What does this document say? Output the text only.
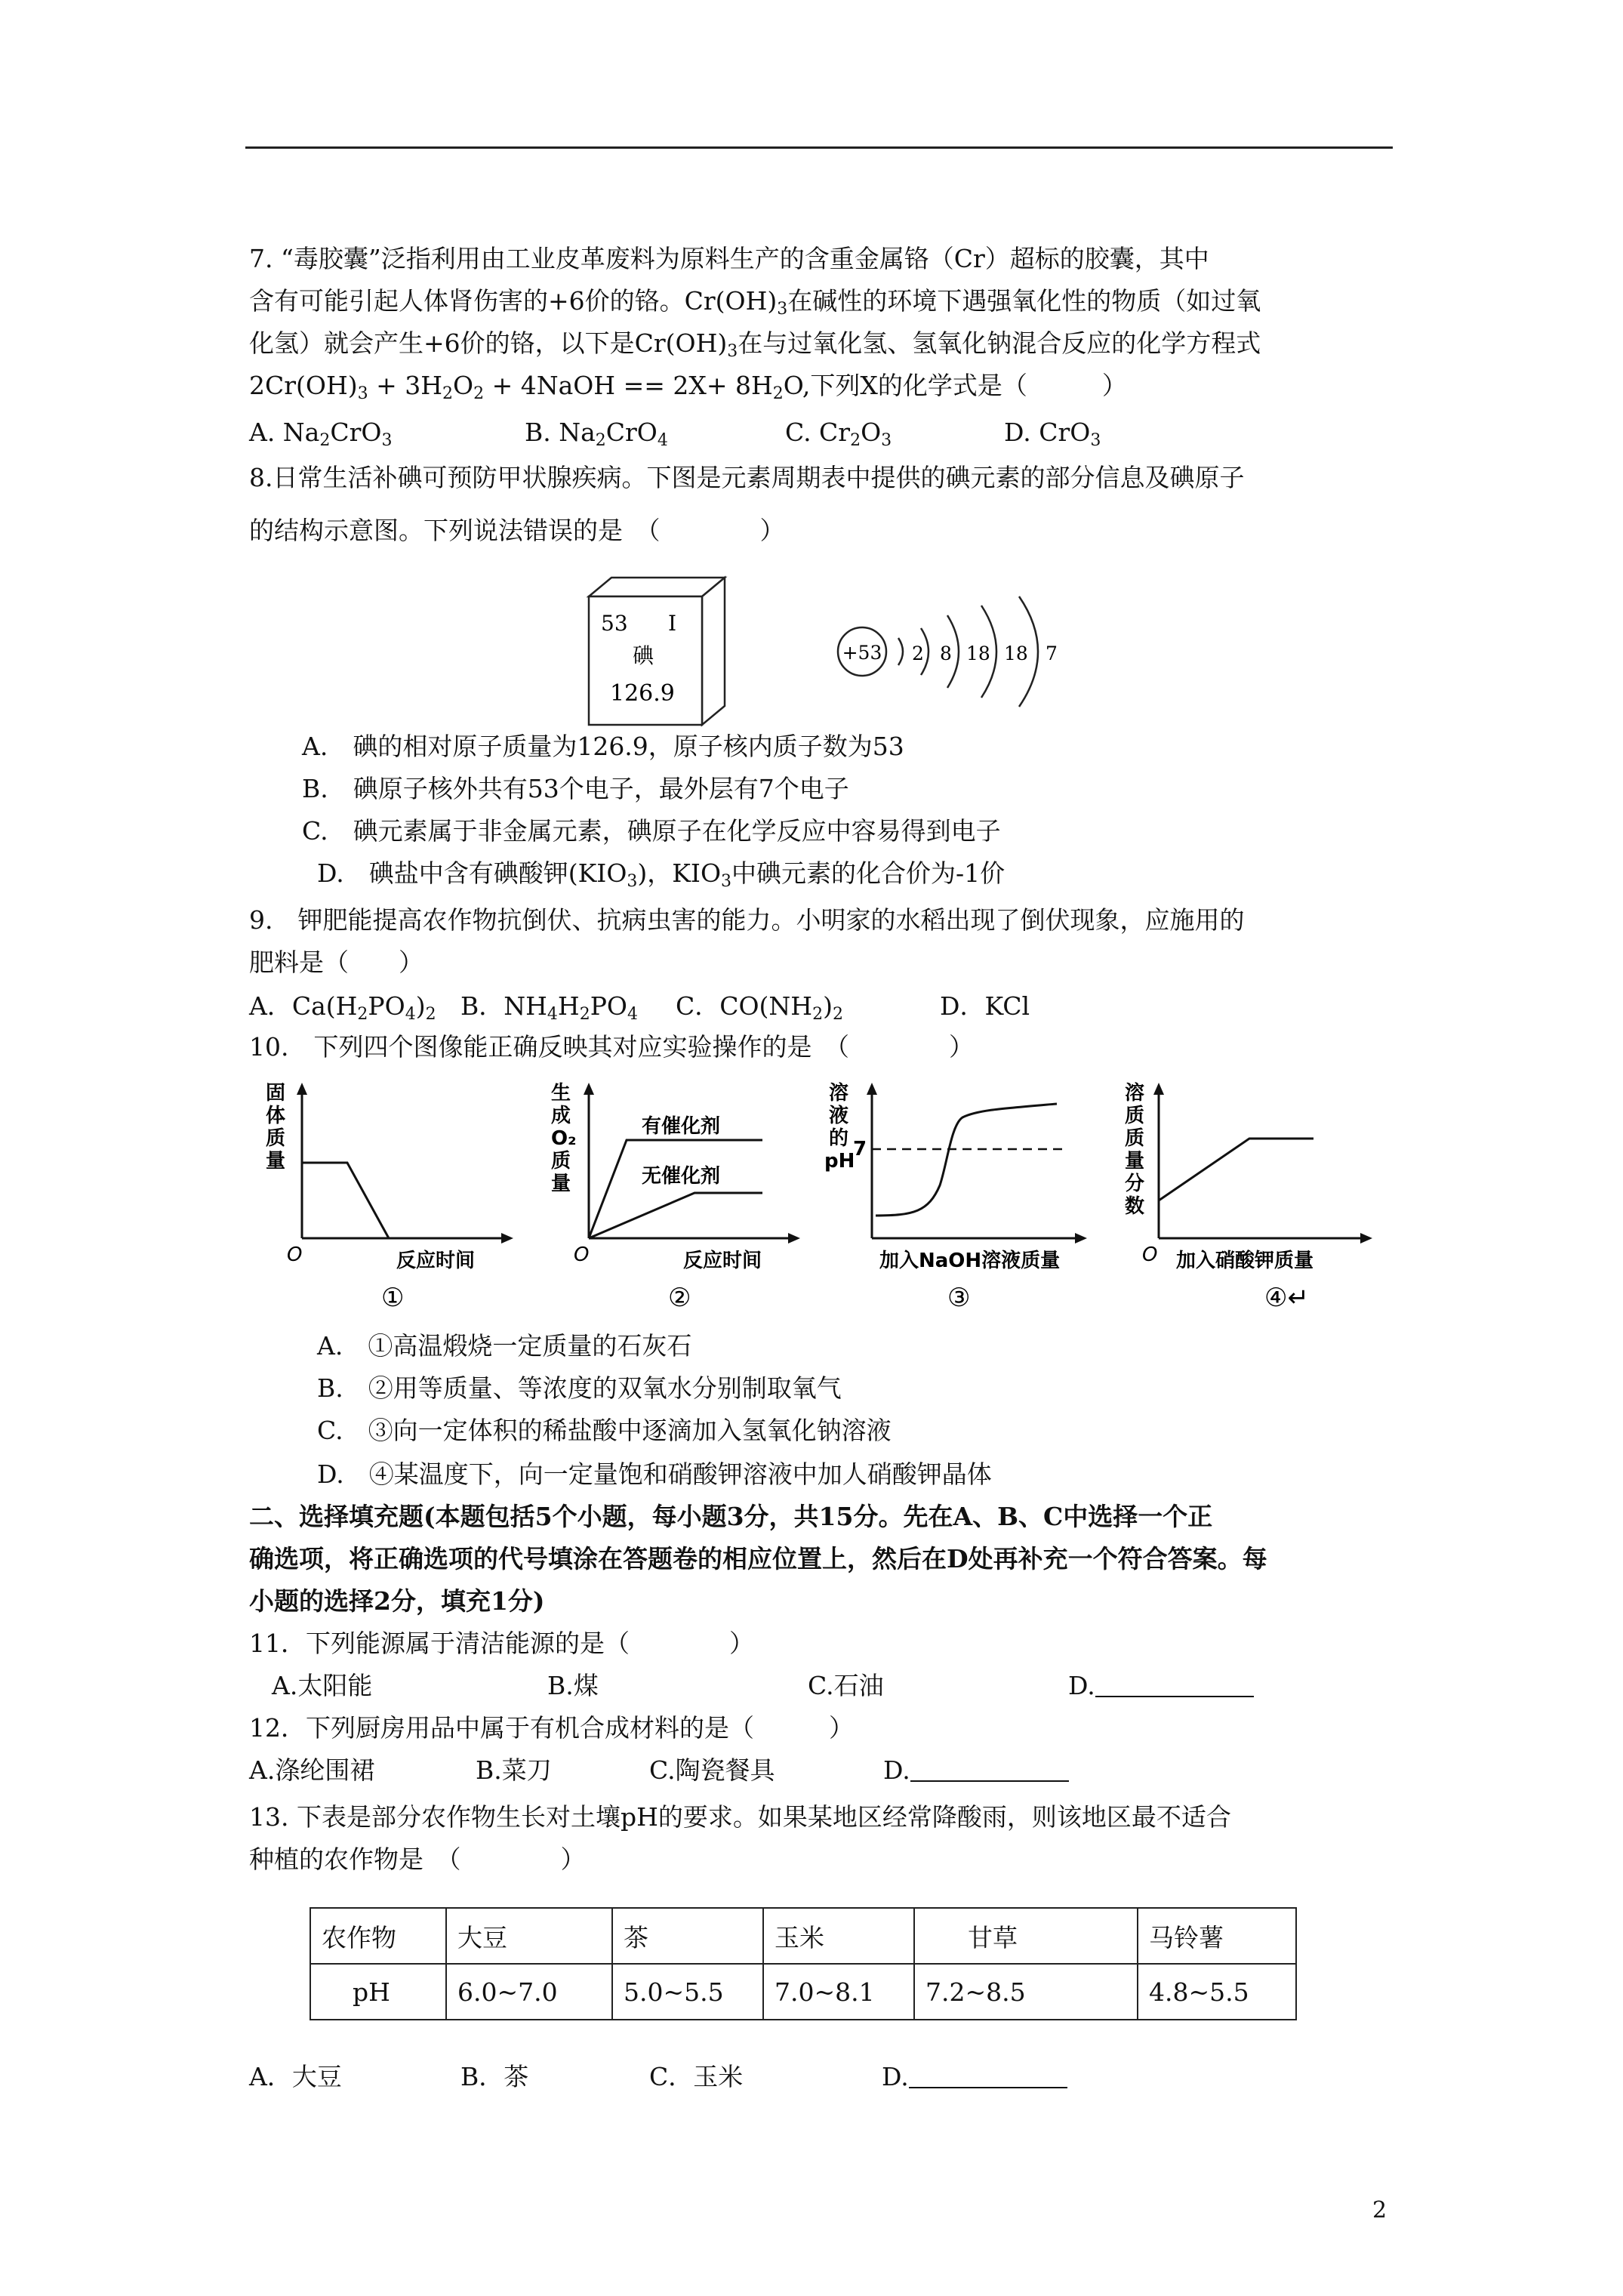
7. “毒胶囊”泛指利用由工业皮革废料为原料生产的含重金属铬（Cr）超标的胶囊，其中
含有可能引起人体肾伤害的+6价的铬。$Cr(OH)_3$在碱性的环境下遇强氧化性的物质（如过氧
化氢）就会产生+6价的铬，以下是$Cr(OH)_3$在与过氧化氢、氢氧化钠混合反应的化学方程式
$2Cr(OH)_3 + 3H_2O_2$ + 4NaOH == $2X+ 8H_2O$,下列X的化学式是（　　　）
A. $Na_2CrO_3$	B. $Na_2CrO_4$	C. $Cr_2O_3$	D. CrO$_3$
8.日常生活补碘可预防甲状腺疾病。下图是元素周期表中提供的碘元素的部分信息及碘原子
的结构示意图。下列说法错误的是　（　　　　）
53 I
碘
126.9
+53 2 8 18 18 7
A.　碘的相对原子质量为126.9，原子核内质子数为53
B.　碘原子核外共有53个电子，最外层有7个电子
C.　碘元素属于非金属元素，碘原子在化学反应中容易得到电子
D.　碘盐中含有碘酸钾$(KIO_3)$，$KIO_3$中碘元素的化合价为-1价
9.　钾肥能提高农作物抗倒伏、抗病虫害的能力。小明家的水稻出现了倒伏现象，应施用的
肥料是（　　）
A．$Ca(H_2PO_4)_2$ B．$NH_4H_2PO_4$ C．$CO(NH_2)_2$	D．KCl
10.　下列四个图像能正确反映其对应实验操作的是　（　　　　）
固
体
质
量
O	反应时间
①
生
成
O₂
质
量
有催化剂
无催化剂
O	反应时间
②
溶
液
的
pH
7
加入NaOH溶液质量
③
溶
质
质
量
分
数
O 加入硝酸钾质量
④↵
A.　①高温煅烧一定质量的石灰石
B.　②用等质量、等浓度的双氧水分别制取氧气
C.　③向一定体积的稀盐酸中逐滴加入氢氧化钠溶液
D.　④某温度下，向一定量饱和硝酸钾溶液中加人硝酸钾晶体
二、选择填充题(本题包括5个小题，每小题3分，共15分。先在A、B、C中选择一个正
确选项，将正确选项的代号填涂在答题卷的相应位置上，然后在D处再补充一个符合答案。每
小题的选择2分，填充1分)
11．下列能源属于清洁能源的是（　　　　）
A.太阳能	B.煤	C.石油	D.
12．下列厨房用品中属于有机合成材料的是（　　　）
A.涤纶围裙	B.菜刀	C.陶瓷餐具	D.
13. 下表是部分农作物生长对土壤pH的要求。如果某地区经常降酸雨，则该地区最不适合
种植的农作物是　（　　　　）
农作物	大豆	茶	玉米	甘草	马铃薯
pH	6.0~7.0	5.0~5.5	7.0~8.1	7.2~8.5	4.8~5.5
A．大豆	B．茶	C．玉米	D.
2
